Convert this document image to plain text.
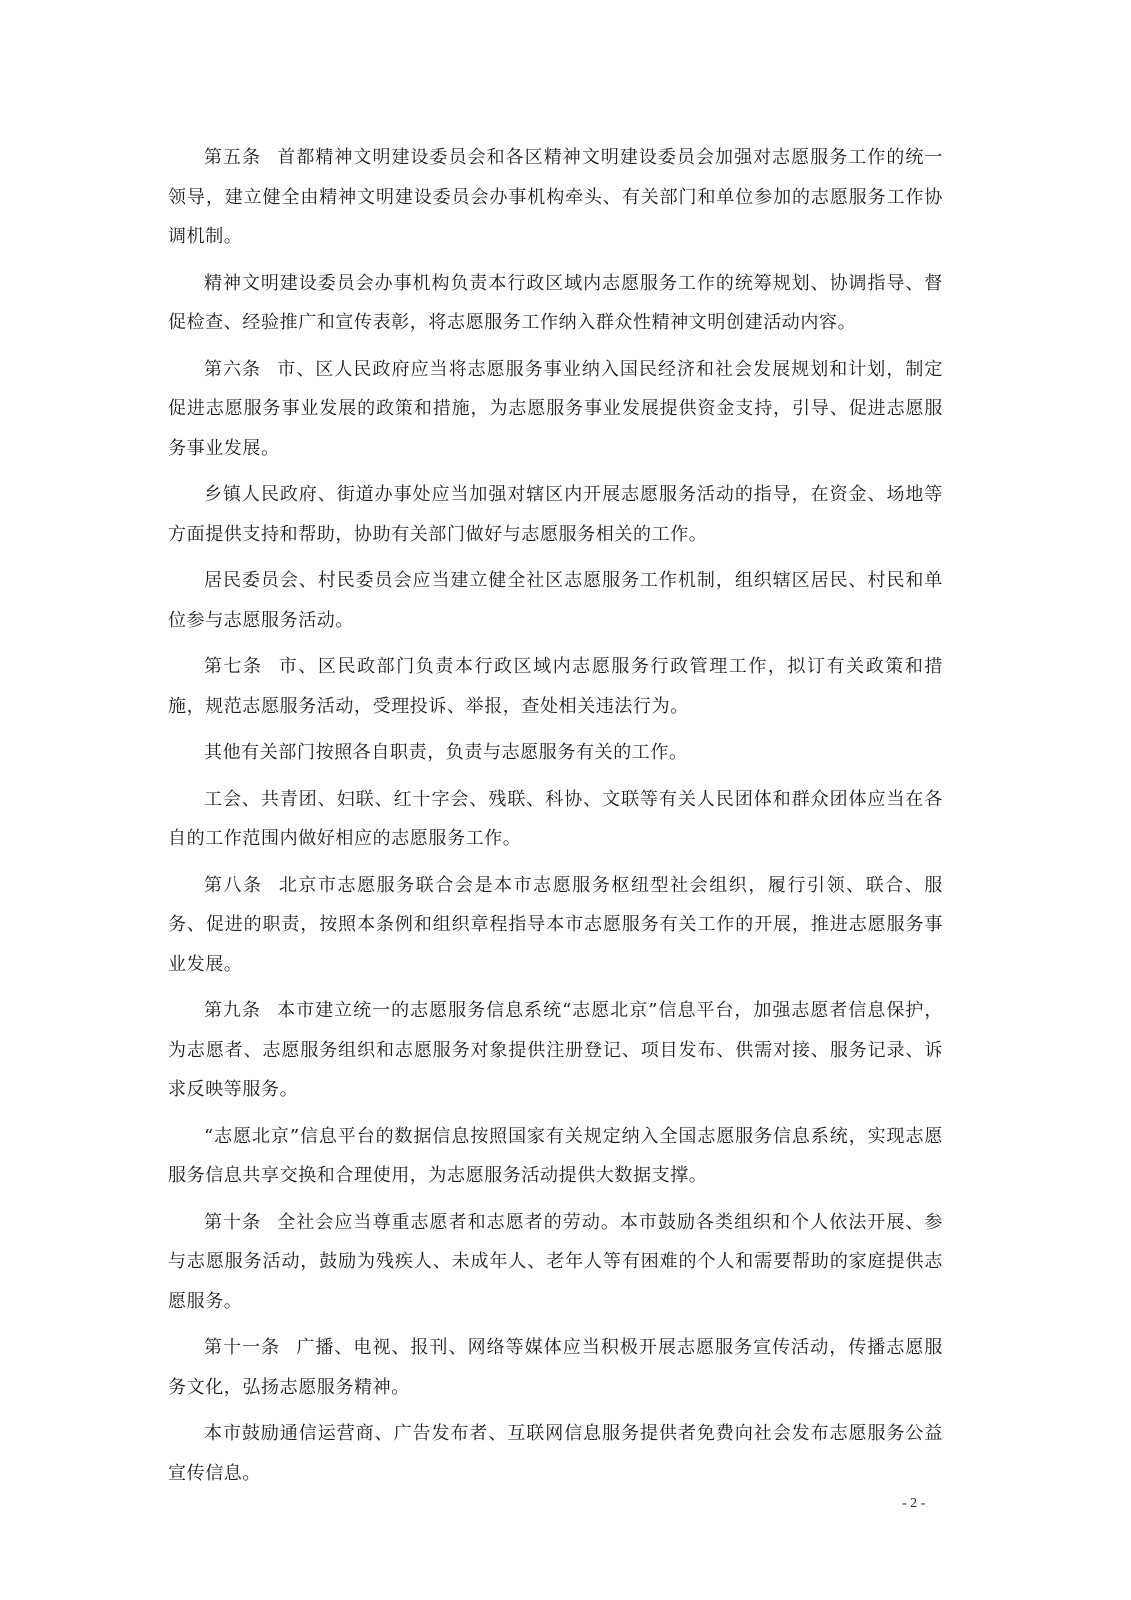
第五条 首都精神文明建设委员会和各区精神文明建设委员会加强对志愿服务工作的统一领导，建立健全由精神文明建设委员会办事机构牵头、有关部门和单位参加的志愿服务工作协调机制。

精神文明建设委员会办事机构负责本行政区域内志愿服务工作的统筹规划、协调指导、督促检查、经验推广和宣传表彰，将志愿服务工作纳入群众性精神文明创建活动内容。

第六条 市、区人民政府应当将志愿服务事业纳入国民经济和社会发展规划和计划，制定促进志愿服务事业发展的政策和措施，为志愿服务事业发展提供资金支持，引导、促进志愿服务事业发展。

乡镇人民政府、街道办事处应当加强对辖区内开展志愿服务活动的指导，在资金、场地等方面提供支持和帮助，协助有关部门做好与志愿服务相关的工作。

居民委员会、村民委员会应当建立健全社区志愿服务工作机制，组织辖区居民、村民和单位参与志愿服务活动。

第七条 市、区民政部门负责本行政区域内志愿服务行政管理工作，拟订有关政策和措施，规范志愿服务活动，受理投诉、举报，查处相关违法行为。

其他有关部门按照各自职责，负责与志愿服务有关的工作。

工会、共青团、妇联、红十字会、残联、科协、文联等有关人民团体和群众团体应当在各自的工作范围内做好相应的志愿服务工作。

第八条 北京市志愿服务联合会是本市志愿服务枢纽型社会组织，履行引领、联合、服务、促进的职责，按照本条例和组织章程指导本市志愿服务有关工作的开展，推进志愿服务事业发展。

第九条 本市建立统一的志愿服务信息系统“志愿北京”信息平台，加强志愿者信息保护，为志愿者、志愿服务组织和志愿服务对象提供注册登记、项目发布、供需对接、服务记录、诉求反映等服务。

“志愿北京”信息平台的数据信息按照国家有关规定纳入全国志愿服务信息系统，实现志愿服务信息共享交换和合理使用，为志愿服务活动提供大数据支撑。

第十条 全社会应当尊重志愿者和志愿者的劳动。本市鼓励各类组织和个人依法开展、参与志愿服务活动，鼓励为残疾人、未成年人、老年人等有困难的个人和需要帮助的家庭提供志愿服务。

第十一条 广播、电视、报刊、网络等媒体应当积极开展志愿服务宣传活动，传播志愿服务文化，弘扬志愿服务精神。

本市鼓励通信运营商、广告发布者、互联网信息服务提供者免费向社会发布志愿服务公益宣传信息。

- 2 -
